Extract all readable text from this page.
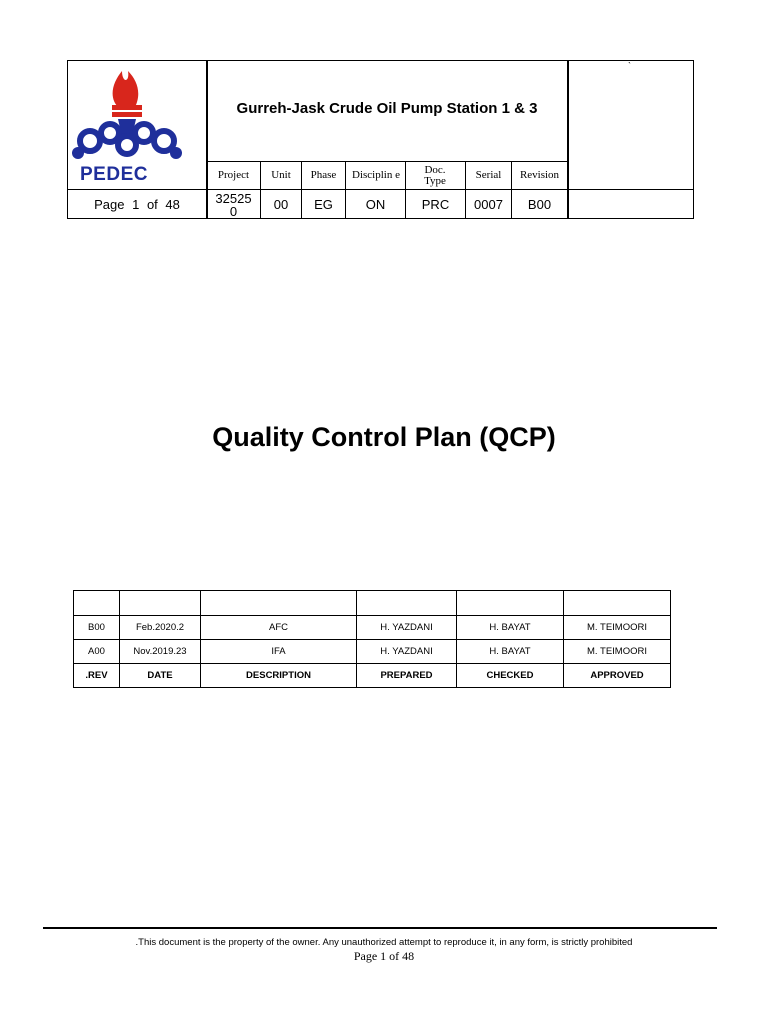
PEDEC
Gurreh-Jask Crude Oil Pump Station 1 & 3
`
Project	Unit	Phase	Disciplin e	Doc. Type	Serial	Revision
Page 1 of 48	32525 0	00	EG	ON	PRC	0007	B00
Quality Control Plan (QCP)

B00	Feb.2020.2	AFC	H. YAZDANI	H. BAYAT	M. TEIMOORI
A00	Nov.2019.23	IFA	H. YAZDANI	H. BAYAT	M. TEIMOORI
.REV	DATE	DESCRIPTION	PREPARED	CHECKED	APPROVED
.This document is the property of the owner. Any unauthorized attempt to reproduce it, in any form, is strictly prohibited
Page 1 of 48
